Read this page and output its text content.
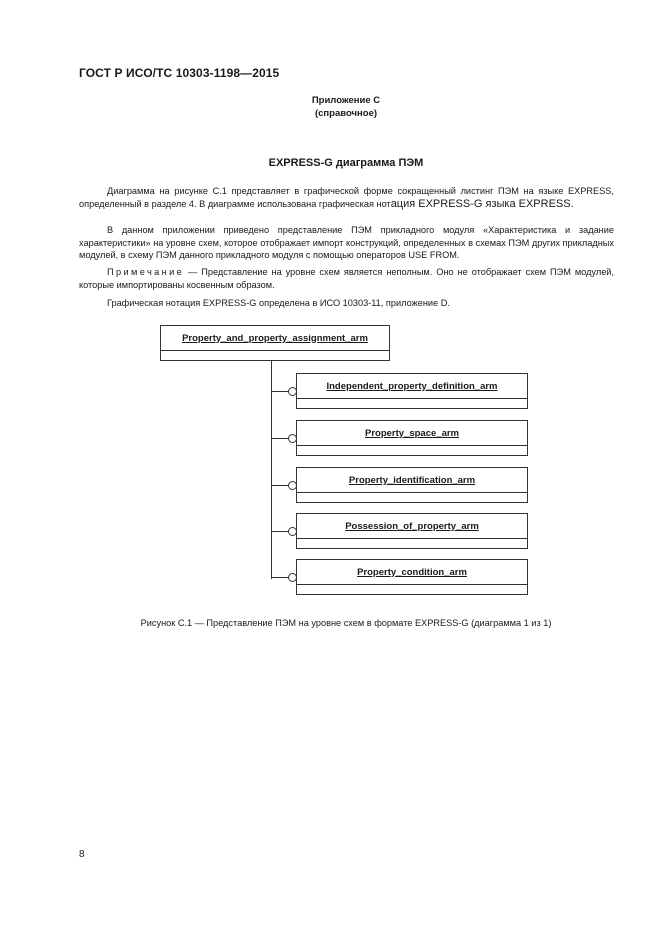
ГОСТ Р ИСО/ТС 10303-1198—2015
Приложение С
(справочное)
EXPRESS-G диаграмма ПЭМ
Диаграмма на рисунке С.1 представляет в графической форме сокращенный листинг ПЭМ на языке EXPRESS, определенный в разделе 4. В диаграмме использована графическая нотация EXPRESS-G языка EXPRESS.
В данном приложении приведено представление ПЭМ прикладного модуля «Характеристика и задание характеристики» на уровне схем, которое отображает импорт конструкций, определенных в схемах ПЭМ других прикладных модулей, в схему ПЭМ данного прикладного модуля с помощью операторов USE FROM.
Примечание — Представление на уровне схем является неполным. Оно не отображает схем ПЭМ модулей, которые импортированы косвенным образом.
Графическая нотация EXPRESS-G определена в ИСО 10303-11, приложение D.
Property_and_property_assignment_arm
Independent_property_definition_arm
Property_space_arm
Property_identification_arm
Possession_of_property_arm
Property_condition_arm
Рисунок С.1 — Представление ПЭМ на уровне схем в формате EXPRESS-G (диаграмма 1 из 1)
8
